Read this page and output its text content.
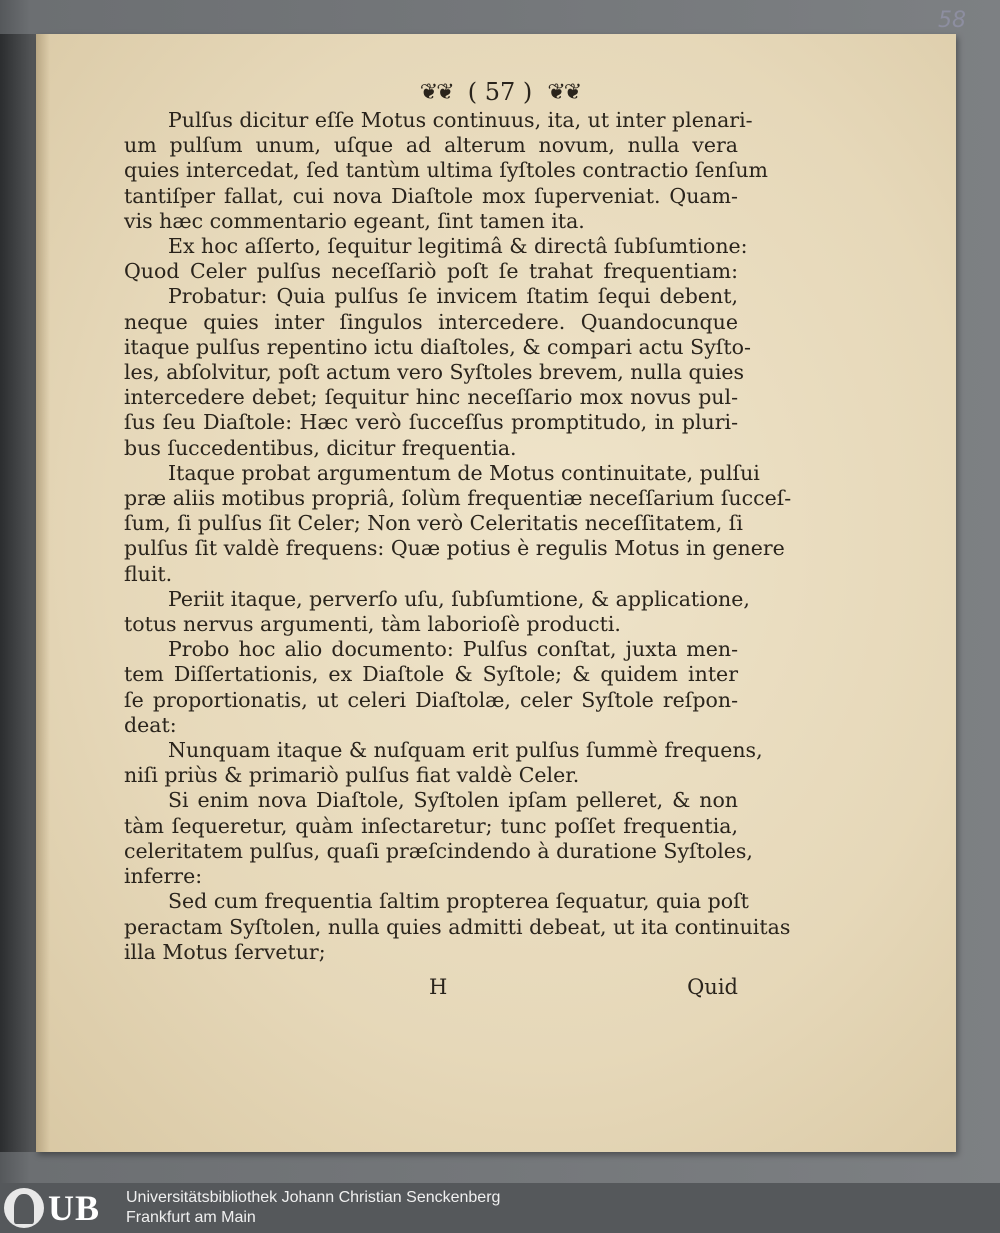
58
❦❦ ( 57 ) ❦❦
Pulſus dicitur eſſe Motus continuus, ita, ut inter plenari-
um pulſum unum, uſque ad alterum novum, nulla vera
quies intercedat, ſed tantùm ultima ſyſtoles contractio ſenſum
tantiſper fallat, cui nova Diaſtole mox ſuperveniat. Quam-
vis hæc commentario egeant, ſint tamen ita.
Ex hoc aſſerto, ſequitur legitimâ & directâ ſubſumtione:
Quod Celer pulſus neceſſariò poſt ſe trahat frequentiam:
Probatur: Quia pulſus ſe invicem ſtatim ſequi debent,
neque quies inter ſingulos intercedere. Quandocunque
itaque pulſus repentino ictu diaſtoles, & compari actu Syſto-
les, abſolvitur, poſt actum vero Syſtoles brevem, nulla quies
intercedere debet; ſequitur hinc neceſſario mox novus pul-
ſus ſeu Diaſtole: Hæc verò ſucceſſus promptitudo, in pluri-
bus ſuccedentibus, dicitur frequentia.
Itaque probat argumentum de Motus continuitate, pulſui
præ aliis motibus propriâ, ſolùm frequentiæ neceſſarium ſucceſ-
ſum, ſi pulſus ſit Celer; Non verò Celeritatis neceſſitatem, ſi
pulſus ſit valdè frequens: Quæ potius è regulis Motus in genere
fluit.
Periit itaque, perverſo uſu, ſubſumtione, & applicatione,
totus nervus argumenti, tàm laborioſè producti.
Probo hoc alio documento: Pulſus conſtat, juxta men-
tem Diſſertationis, ex Diaſtole & Syſtole; & quidem inter
ſe proportionatis, ut celeri Diaſtolæ, celer Syſtole reſpon-
deat:
Nunquam itaque & nuſquam erit pulſus ſummè frequens,
niſi priùs & primariò pulſus fiat valdè Celer.
Si enim nova Diaſtole, Syſtolen ipſam pelleret, & non
tàm ſequeretur, quàm inſectaretur; tunc poſſet frequentia,
celeritatem pulſus, quaſi præſcindendo à duratione Syſtoles,
inferre:
Sed cum frequentia ſaltim propterea ſequatur, quia poſt
peractam Syſtolen, nulla quies admitti debeat, ut ita continuitas
illa Motus ſervetur;
H	Quid
UB Universitätsbibliothek Johann Christian Senckenberg
Frankfurt am Main
